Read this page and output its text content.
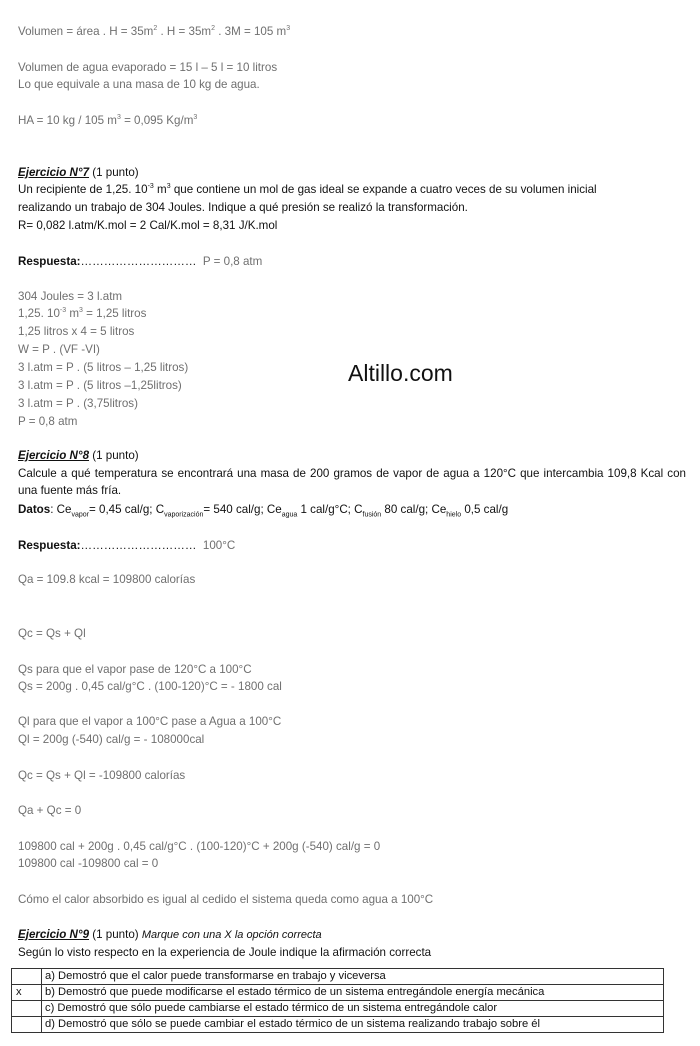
Volumen = área . $H = 35m^2$ . $H = 35m^2$ . 3M = 105 $m^3$
Volumen de agua evaporado = 15 l – 5 l = 10 litros
Lo que equivale a una masa de 10 kg de agua.
HA = 10 kg / 105 $m^3 = 0,095$ $Kg/m^3$
Ejercicio N°7 (1 punto)
Un recipiente de 1,25. $10^{-3}$ $m^3$ que contiene un mol de gas ideal se expande a cuatro veces de su volumen inicial
realizando un trabajo de 304 Joules. Indique a qué presión se realizó la transformación.
R= 0,082 l.atm/K.mol = 2 Cal/K.mol = 8,31 J/K.mol
Respuesta:………………………… P = 0,8 atm
304 Joules = 3 l.atm
1,25. $10^{-3}$ $m^3 = 1,25$ litros
1,25 litros x 4 = 5 litros
W = P . (VF -VI)
3 l.atm = P . (5 litros – 1,25 litros)
3 l.atm = P . (5 litros –1,25litros)
3 l.atm = P . (3,75litros)
P = 0,8 atm
Altillo.com
Ejercicio N°8 (1 punto)
Calcule a qué temperatura se encontrará una masa de 200 gramos de vapor de agua a 120°C que intercambia 109,8 Kcal con una fuente más fría.
Datos: $Ce_{vapor}= 0,45$ cal/g; $C_{vaporización}= 540$ cal/g; $Ce_{agua}$ 1 cal/g°C; $C_{fusión}$ 80 cal/g; $Ce_{hielo}$ 0,5 cal/g
Respuesta:………………………… 100°C
Qa = 109.8 kcal = 109800 calorías
Qc = Qs + Ql
Qs para que el vapor pase de 120°C a 100°C
Qs = 200g . 0,45 cal/g°C . (100-120)°C = - 1800 cal
Ql para que el vapor a 100°C pase a Agua a 100°C
Ql = 200g (-540) cal/g = - 108000cal
Qc = Qs + Ql = -109800 calorías
Qa + Qc = 0
109800 cal + 200g . 0,45 cal/g°C . (100-120)°C + 200g (-540) cal/g = 0
109800 cal -109800 cal = 0
Cómo el calor absorbido es igual al cedido el sistema queda como agua a 100°C
Ejercicio N°9 (1 punto) Marque con una X la opción correcta
Según lo visto respecto en la experiencia de Joule indique la afirmación correcta
	a) Demostró que el calor puede transformarse en trabajo y viceversa
x	b) Demostró que puede modificarse el estado térmico de un sistema entregándole energía mecánica
	c) Demostró que sólo puede cambiarse el estado térmico de un sistema entregándole calor
	d) Demostró que sólo se puede cambiar el estado térmico de un sistema realizando trabajo sobre él
